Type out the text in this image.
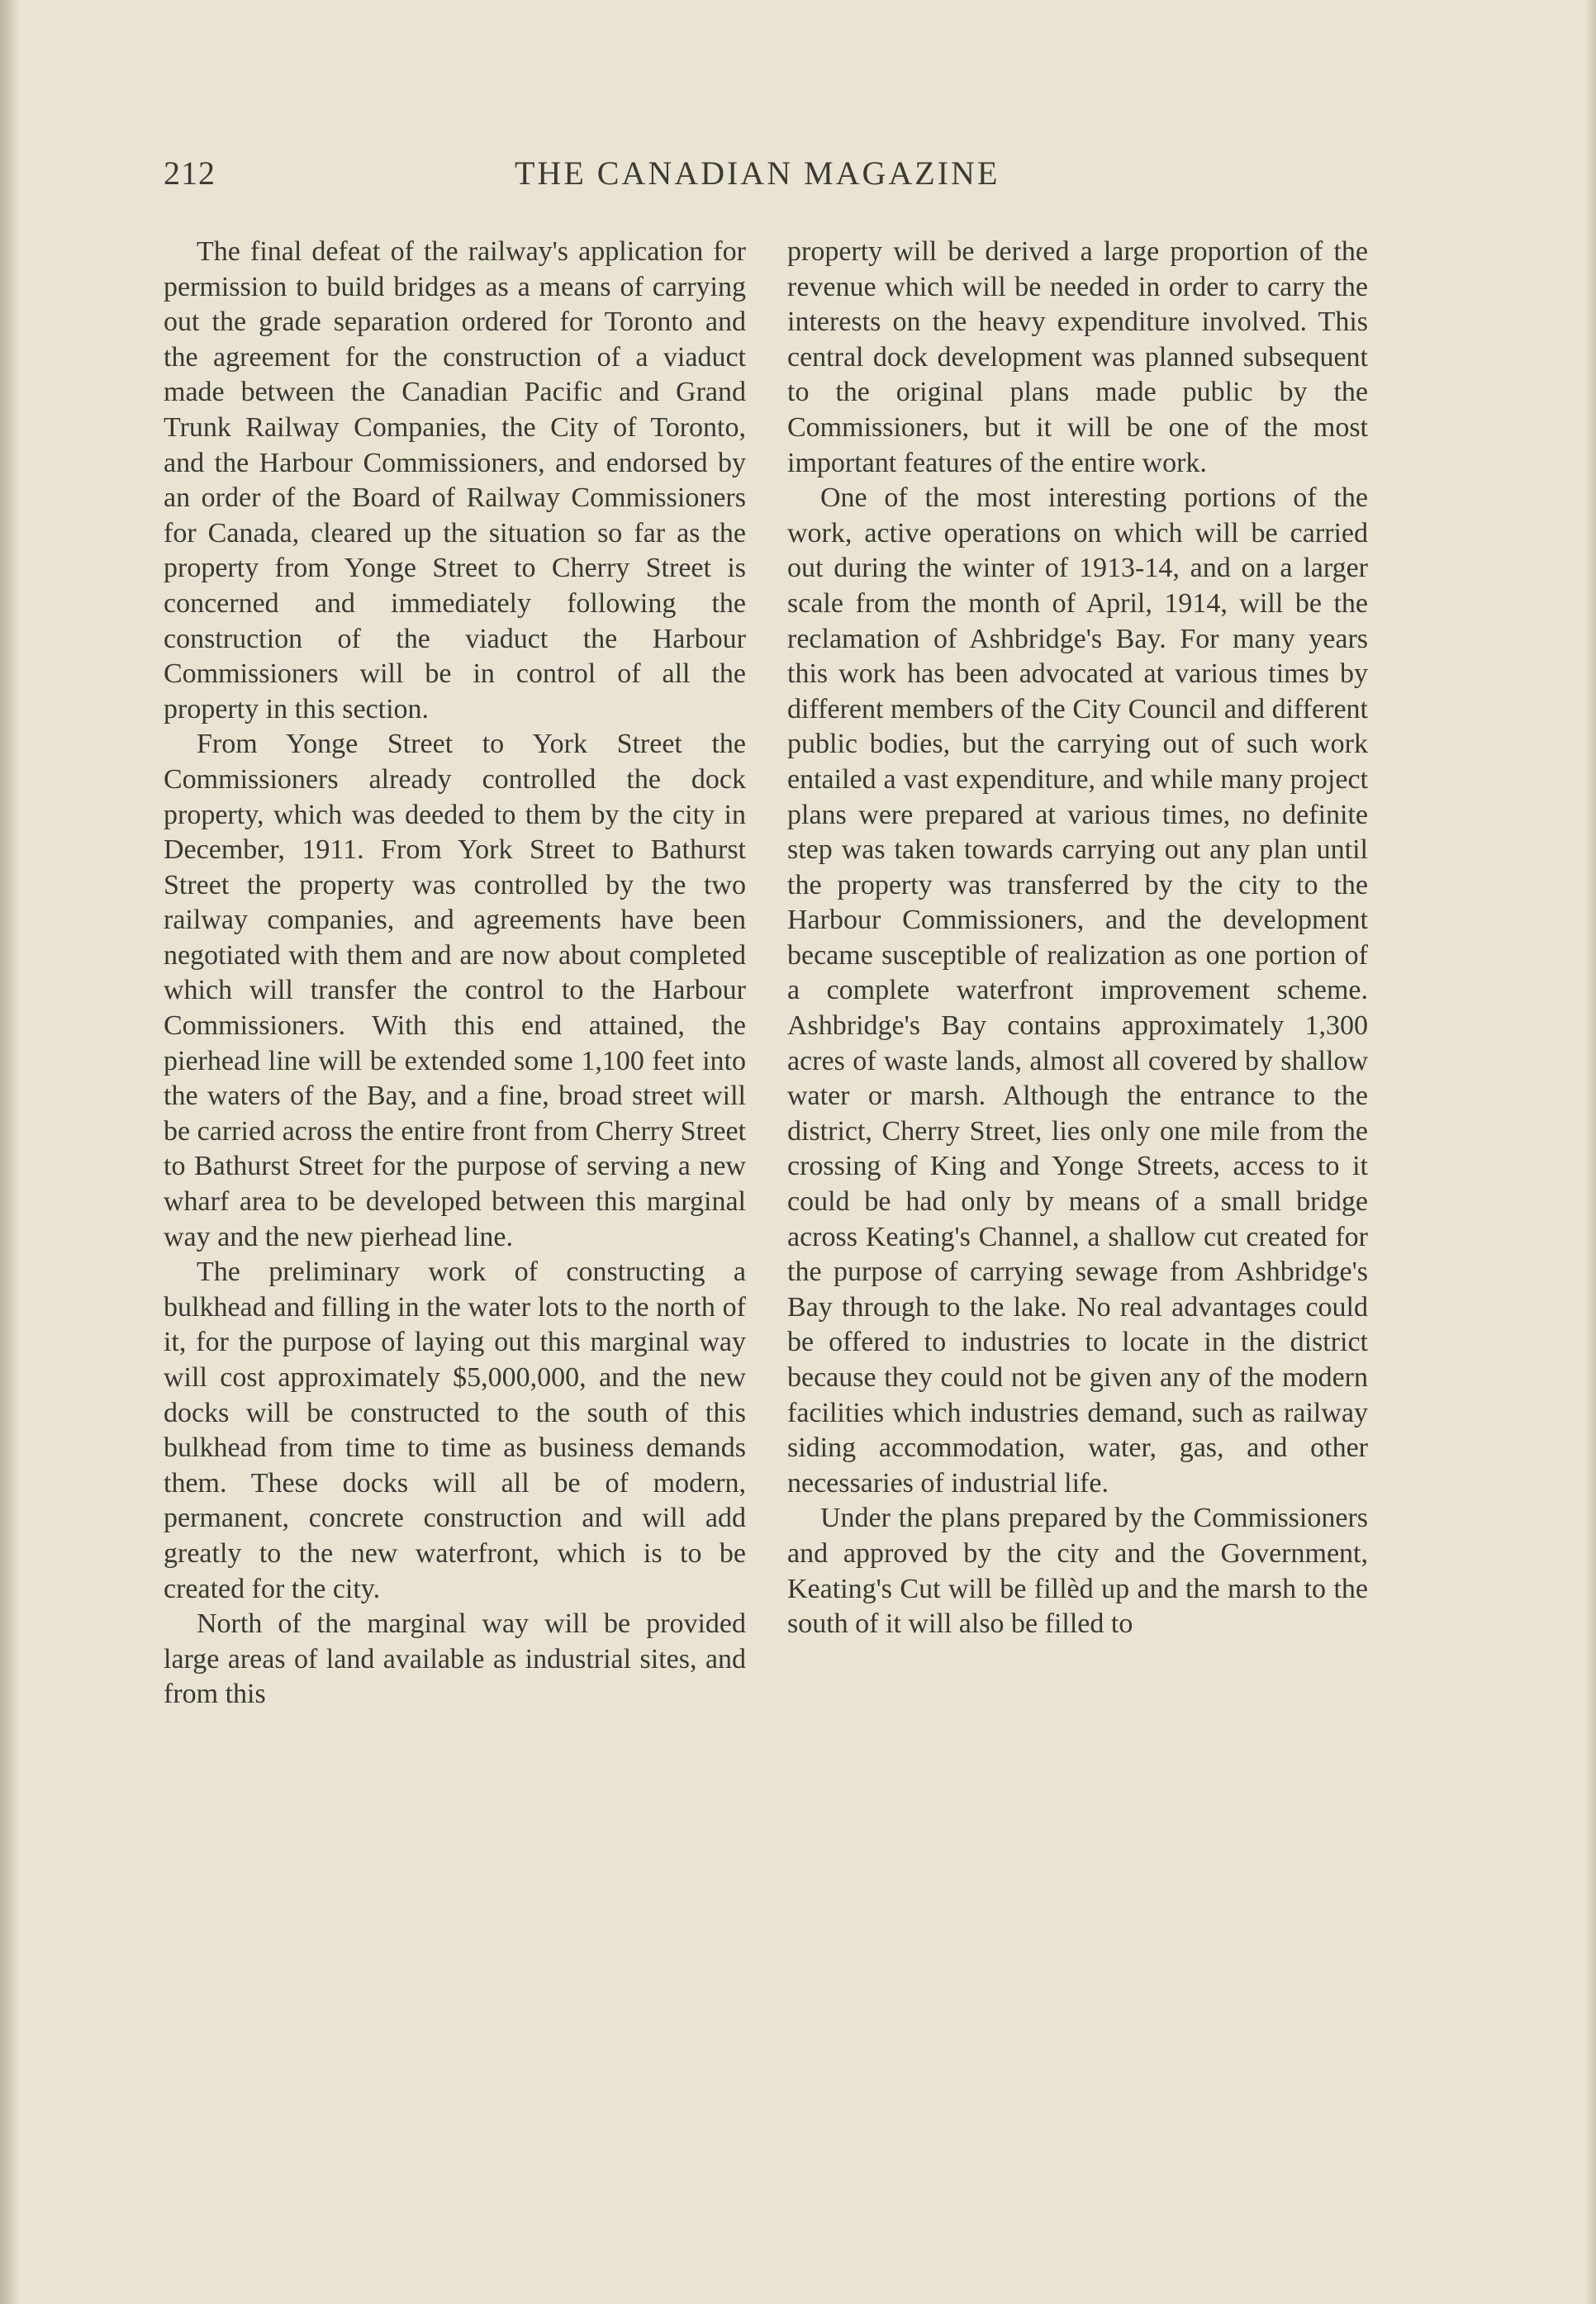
212	THE CANADIAN MAGAZINE

The final defeat of the railway's application for permission to build bridges as a means of carrying out the grade separation ordered for Toronto and the agreement for the construction of a viaduct made between the Canadian Pacific and Grand Trunk Railway Companies, the City of Toronto, and the Harbour Commissioners, and endorsed by an order of the Board of Railway Commissioners for Canada, cleared up the situation so far as the property from Yonge Street to Cherry Street is concerned and immediately following the construction of the viaduct the Harbour Commissioners will be in control of all the property in this section.

From Yonge Street to York Street the Commissioners already controlled the dock property, which was deeded to them by the city in December, 1911. From York Street to Bathurst Street the property was controlled by the two railway companies, and agreements have been negotiated with them and are now about completed which will transfer the control to the Harbour Commissioners. With this end attained, the pierhead line will be extended some 1,100 feet into the waters of the Bay, and a fine, broad street will be carried across the entire front from Cherry Street to Bathurst Street for the purpose of serving a new wharf area to be developed between this marginal way and the new pierhead line.

The preliminary work of constructing a bulkhead and filling in the water lots to the north of it, for the purpose of laying out this marginal way will cost approximately $5,000,000, and the new docks will be constructed to the south of this bulkhead from time to time as business demands them. These docks will all be of modern, permanent, concrete construction and will add greatly to the new waterfront, which is to be created for the city.

North of the marginal way will be provided large areas of land available as industrial sites, and from this

property will be derived a large proportion of the revenue which will be needed in order to carry the interests on the heavy expenditure involved. This central dock development was planned subsequent to the original plans made public by the Commissioners, but it will be one of the most important features of the entire work.

One of the most interesting portions of the work, active operations on which will be carried out during the winter of 1913-14, and on a larger scale from the month of April, 1914, will be the reclamation of Ashbridge's Bay. For many years this work has been advocated at various times by different members of the City Council and different public bodies, but the carrying out of such work entailed a vast expenditure, and while many project plans were prepared at various times, no definite step was taken towards carrying out any plan until the property was transferred by the city to the Harbour Commissioners, and the development became susceptible of realization as one portion of a complete waterfront improvement scheme. Ashbridge's Bay contains approximately 1,300 acres of waste lands, almost all covered by shallow water or marsh. Although the entrance to the district, Cherry Street, lies only one mile from the crossing of King and Yonge Streets, access to it could be had only by means of a small bridge across Keating's Channel, a shallow cut created for the purpose of carrying sewage from Ashbridge's Bay through to the lake. No real advantages could be offered to industries to locate in the district because they could not be given any of the modern facilities which industries demand, such as railway siding accommodation, water, gas, and other necessaries of industrial life.

Under the plans prepared by the Commissioners and approved by the city and the Government, Keating's Cut will be fillèd up and the marsh to the south of it will also be filled to
